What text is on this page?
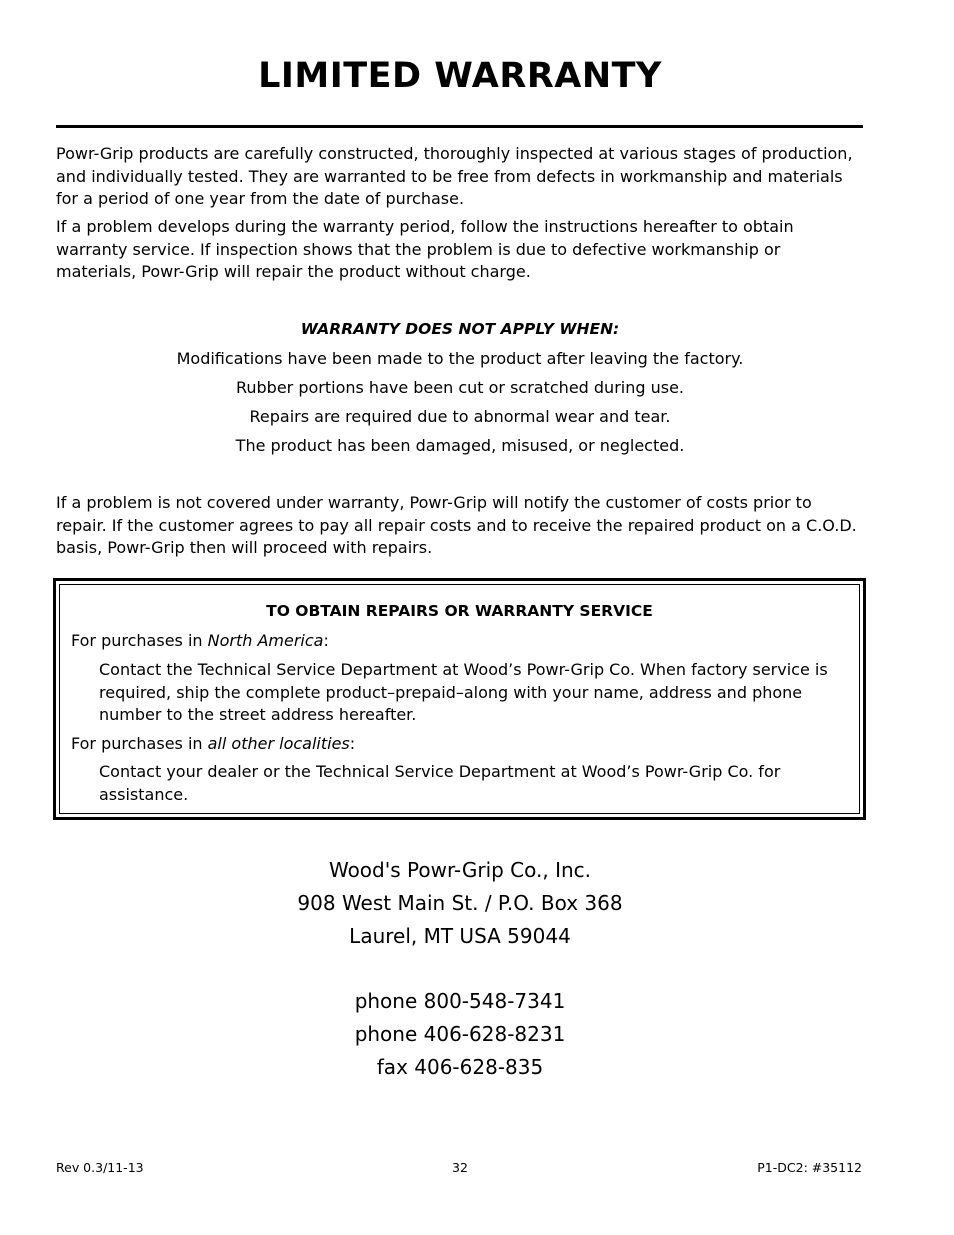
LIMITED WARRANTY

Powr-Grip products are carefully constructed, thoroughly inspected at various stages of production, and individually tested. They are warranted to be free from defects in workmanship and materials for a period of one year from the date of purchase.

If a problem develops during the warranty period, follow the instructions hereafter to obtain warranty service. If inspection shows that the problem is due to defective workmanship or materials, Powr-Grip will repair the product without charge.

WARRANTY DOES NOT APPLY WHEN:
Modifications have been made to the product after leaving the factory.
Rubber portions have been cut or scratched during use.
Repairs are required due to abnormal wear and tear.
The product has been damaged, misused, or neglected.

If a problem is not covered under warranty, Powr-Grip will notify the customer of costs prior to repair. If the customer agrees to pay all repair costs and to receive the repaired product on a C.O.D. basis, Powr-Grip then will proceed with repairs.

TO OBTAIN REPAIRS OR WARRANTY SERVICE

For purchases in North America:

Contact the Technical Service Department at Wood’s Powr-Grip Co. When factory service is required, ship the complete product–prepaid–along with your name, address and phone number to the street address hereafter.

For purchases in all other localities:

Contact your dealer or the Technical Service Department at Wood’s Powr-Grip Co. for assistance.

Wood's Powr-Grip Co., Inc.
908 West Main St. / P.O. Box 368
Laurel, MT USA 59044
phone 800-548-7341
phone 406-628-8231
fax 406-628-835
Rev 0.3/11-13	32	P1-DC2: #35112
